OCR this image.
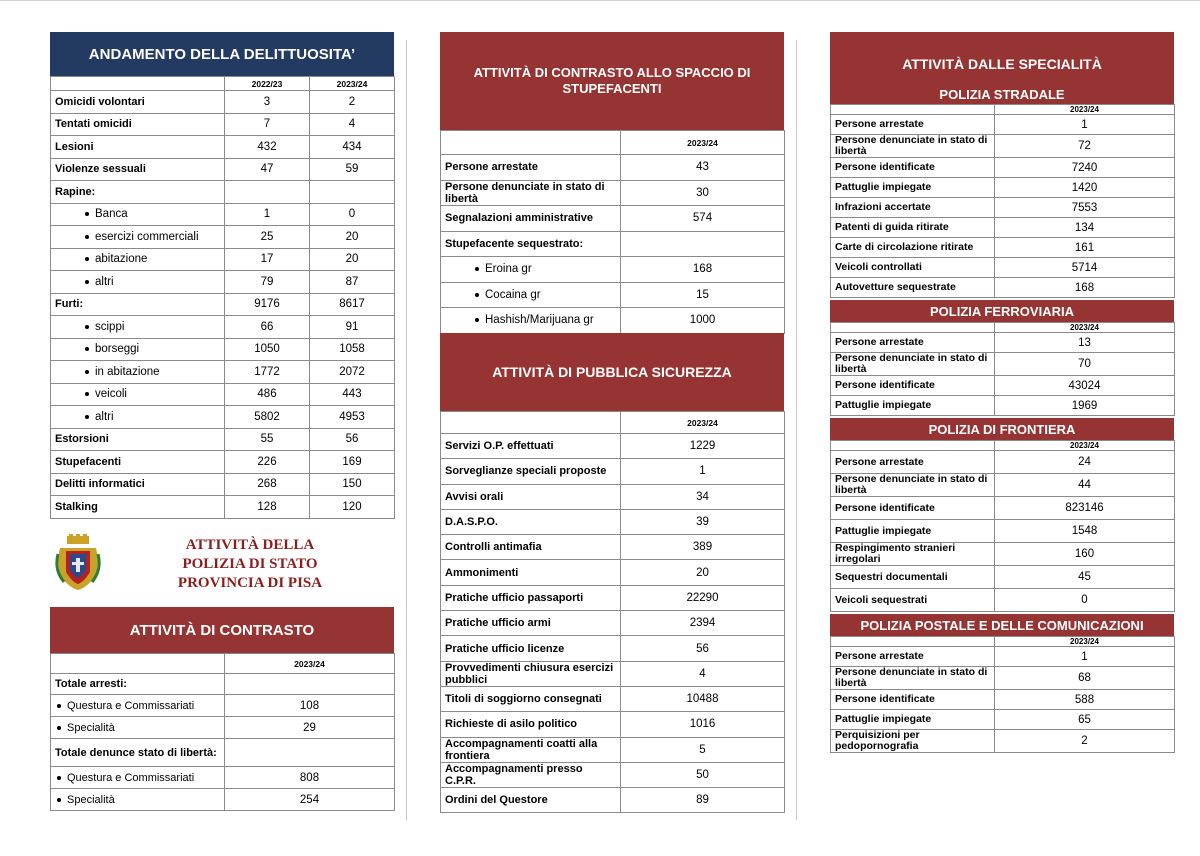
ANDAMENTO DELLA DELITTUOSITA’
	2022/23	2023/24
Omicidi volontari	3	2
Tentati omicidi	7	4
Lesioni	432	434
Violenze sessuali	47	59
Rapine:		
Banca	1	0
esercizi commerciali	25	20
abitazione	17	20
altri	79	87
Furti:	9176	8617
scippi	66	91
borseggi	1050	1058
in abitazione	1772	2072
veicoli	486	443
altri	5802	4953
Estorsioni	55	56
Stupefacenti	226	169
Delitti informatici	268	150
Stalking	128	120
ATTIVITÀ DELLA
POLIZIA DI STATO
PROVINCIA DI PISA
ATTIVITÀ DI CONTRASTO
	2023/24
Totale arresti:	
Questura e Commissariati	108
Specialità	29
Totale denunce stato di libertà:	
Questura e Commissariati	808
Specialità	254
ATTIVITÀ DI CONTRASTO ALLO SPACCIO DI STUPEFACENTI
	2023/24
Persone arrestate	43
Persone denunciate in stato di libertà	30
Segnalazioni amministrative	574
Stupefacente sequestrato:	
Eroina gr	168
Cocaina gr	15
Hashish/Marijuana gr	1000
ATTIVITÀ DI PUBBLICA SICUREZZA
	2023/24
Servizi O.P. effettuati	1229
Sorveglianze speciali proposte	1
Avvisi orali	34
D.A.S.P.O.	39
Controlli antimafia	389
Ammonimenti	20
Pratiche ufficio passaporti	22290
Pratiche ufficio armi	2394
Pratiche ufficio licenze	56
Provvedimenti chiusura esercizi pubblici	4
Titoli di soggiorno consegnati	10488
Richieste di asilo politico	1016
Accompagnamenti coatti alla frontiera	5
Accompagnamenti presso C.P.R.	50
Ordini del Questore	89
ATTIVITÀ DALLE SPECIALITÀ
POLIZIA STRADALE
	2023/24
Persone arrestate	1
Persone denunciate in stato di libertà	72
Persone identificate	7240
Pattuglie impiegate	1420
Infrazioni accertate	7553
Patenti di guida ritirate	134
Carte di circolazione ritirate	161
Veicoli controllati	5714
Autovetture sequestrate	168
POLIZIA FERROVIARIA
	2023/24
Persone arrestate	13
Persone denunciate in stato di libertà	70
Persone identificate	43024
Pattuglie impiegate	1969
POLIZIA DI FRONTIERA
	2023/24
Persone arrestate	24
Persone denunciate in stato di libertà	44
Persone identificate	823146
Pattuglie impiegate	1548
Respingimento stranieri irregolari	160
Sequestri documentali	45
Veicoli sequestrati	0
POLIZIA POSTALE E DELLE COMUNICAZIONI
	2023/24
Persone arrestate	1
Persone denunciate in stato di libertà	68
Persone identificate	588
Pattuglie impiegate	65
Perquisizioni per pedopornografia	2
